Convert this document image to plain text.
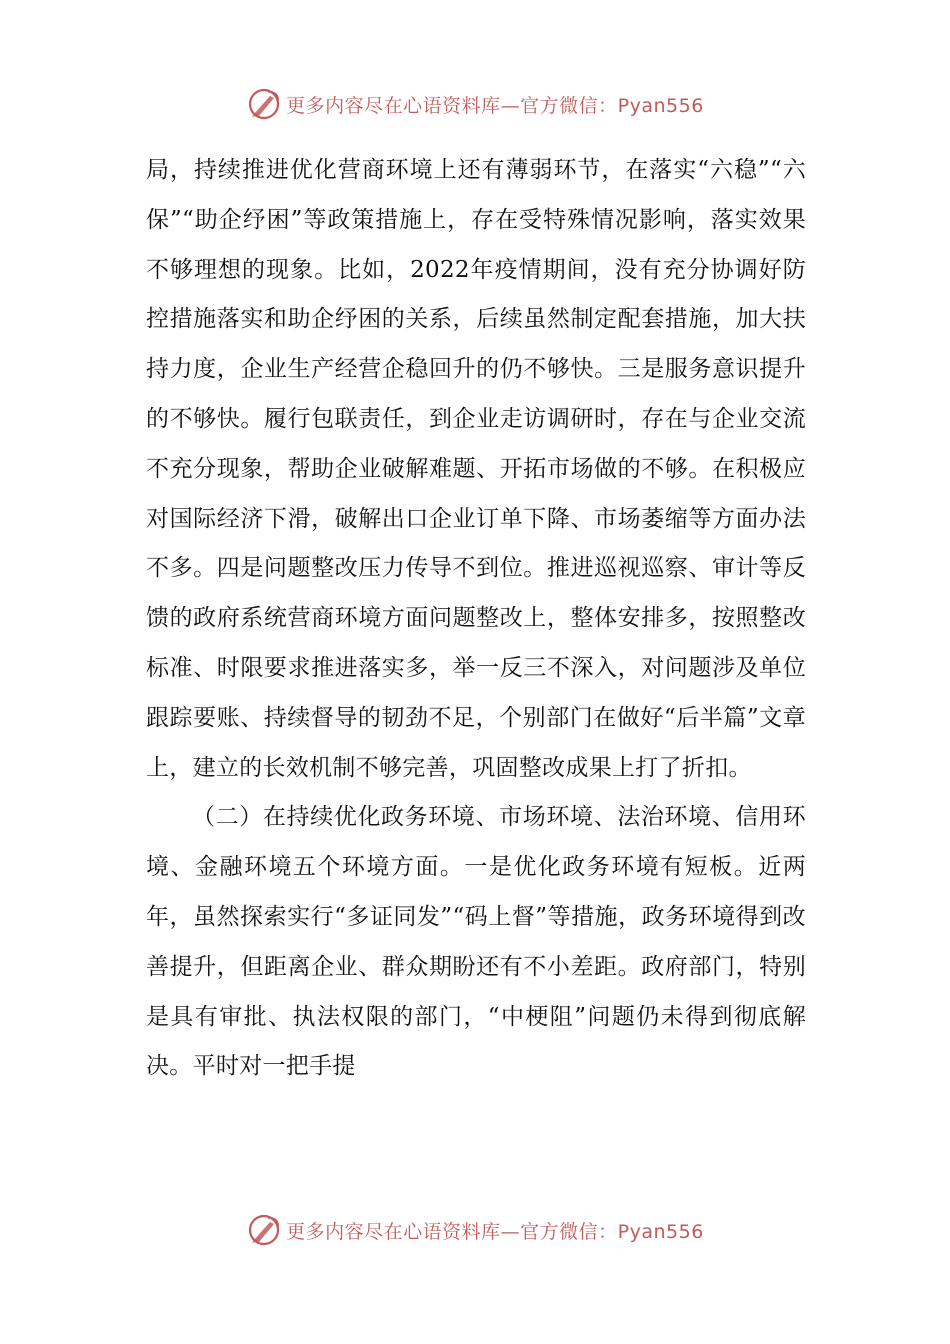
更多内容尽在心语资料库—官方微信：Pyan556

局，持续推进优化营商环境上还有薄弱环节，在落实“六稳”“六保”“助企纾困”等政策措施上，存在受特殊情况影响，落实效果不够理想的现象。比如，2022年疫情期间，没有充分协调好防控措施落实和助企纾困的关系，后续虽然制定配套措施，加大扶持力度，企业生产经营企稳回升的仍不够快。三是服务意识提升的不够快。履行包联责任，到企业走访调研时，存在与企业交流不充分现象，帮助企业破解难题、开拓市场做的不够。在积极应对国际经济下滑，破解出口企业订单下降、市场萎缩等方面办法不多。四是问题整改压力传导不到位。推进巡视巡察、审计等反馈的政府系统营商环境方面问题整改上，整体安排多，按照整改标准、时限要求推进落实多，举一反三不深入，对问题涉及单位跟踪要账、持续督导的韧劲不足，个别部门在做好“后半篇”文章上，建立的长效机制不够完善，巩固整改成果上打了折扣。

（二）在持续优化政务环境、市场环境、法治环境、信用环境、金融环境五个环境方面。一是优化政务环境有短板。近两年，虽然探索实行“多证同发”“码上督”等措施，政务环境得到改善提升，但距离企业、群众期盼还有不小差距。政府部门，特别是具有审批、执法权限的部门，“中梗阻”问题仍未得到彻底解决。平时对一把手提

更多内容尽在心语资料库—官方微信：Pyan556
